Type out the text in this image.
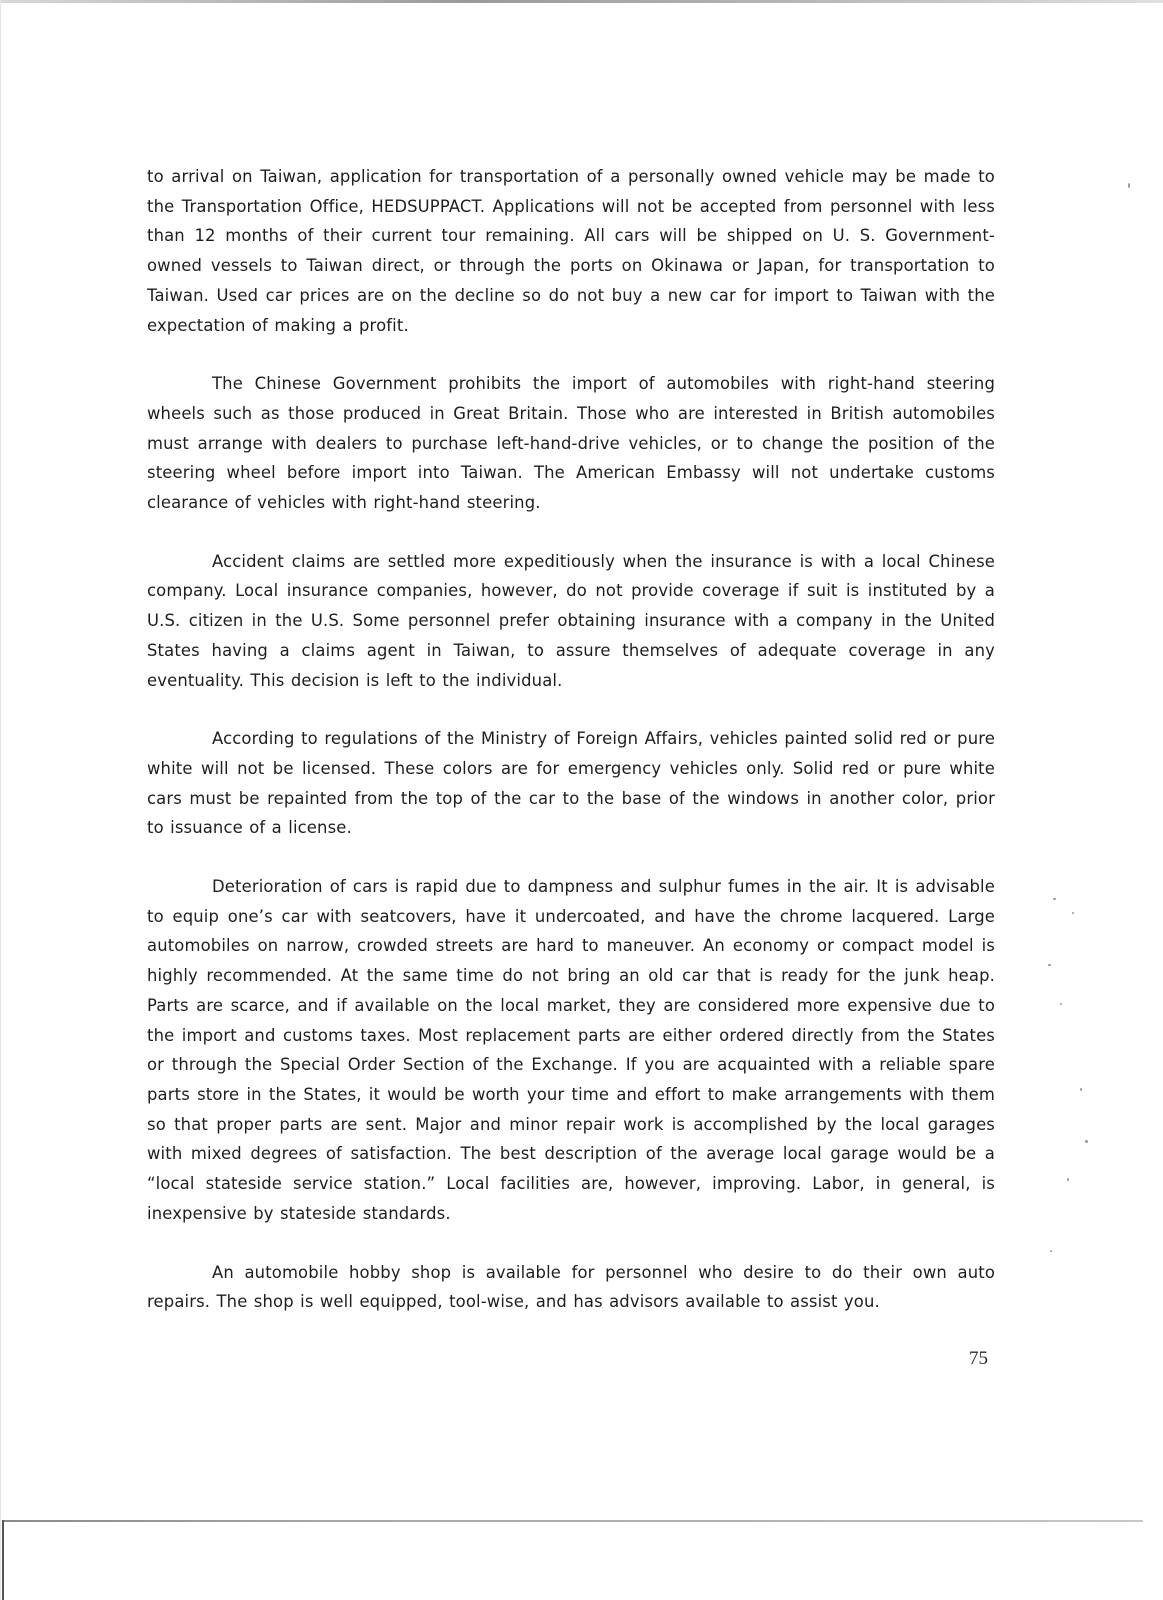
to arrival on Taiwan, application for transportation of a personally owned vehicle may be made to the Transportation Office, HEDSUPPACT. Applications will not be accepted from personnel with less than 12 months of their current tour remaining. All cars will be shipped on U. S. Government-owned vessels to Taiwan direct, or through the ports on Okinawa or Japan, for transportation to Taiwan. Used car prices are on the decline so do not buy a new car for import to Taiwan with the expectation of making a profit.

The Chinese Government prohibits the import of automobiles with right-hand steering wheels such as those produced in Great Britain. Those who are interested in British automobiles must arrange with dealers to purchase left-hand-drive vehicles, or to change the position of the steering wheel before import into Taiwan. The American Embassy will not undertake customs clearance of vehicles with right-hand steering.

Accident claims are settled more expeditiously when the insurance is with a local Chinese company. Local insurance companies, however, do not provide coverage if suit is instituted by a U.S. citizen in the U.S. Some personnel prefer obtaining insurance with a company in the United States having a claims agent in Taiwan, to assure themselves of adequate coverage in any eventuality. This decision is left to the individual.

According to regulations of the Ministry of Foreign Affairs, vehicles painted solid red or pure white will not be licensed. These colors are for emergency vehicles only. Solid red or pure white cars must be repainted from the top of the car to the base of the windows in another color, prior to issuance of a license.

Deterioration of cars is rapid due to dampness and sulphur fumes in the air. It is advisable to equip one’s car with seatcovers, have it undercoated, and have the chrome lacquered. Large automobiles on narrow, crowded streets are hard to maneuver. An economy or compact model is highly recommended. At the same time do not bring an old car that is ready for the junk heap. Parts are scarce, and if available on the local market, they are considered more expensive due to the import and customs taxes. Most replacement parts are either ordered directly from the States or through the Special Order Section of the Exchange. If you are acquainted with a reliable spare parts store in the States, it would be worth your time and effort to make arrangements with them so that proper parts are sent. Major and minor repair work is accomplished by the local garages with mixed degrees of satisfaction. The best description of the average local garage would be a “local stateside service station.” Local facilities are, however, improving. Labor, in general, is inexpensive by stateside standards.

An automobile hobby shop is available for personnel who desire to do their own auto repairs. The shop is well equipped, tool-wise, and has advisors available to assist you.

75
